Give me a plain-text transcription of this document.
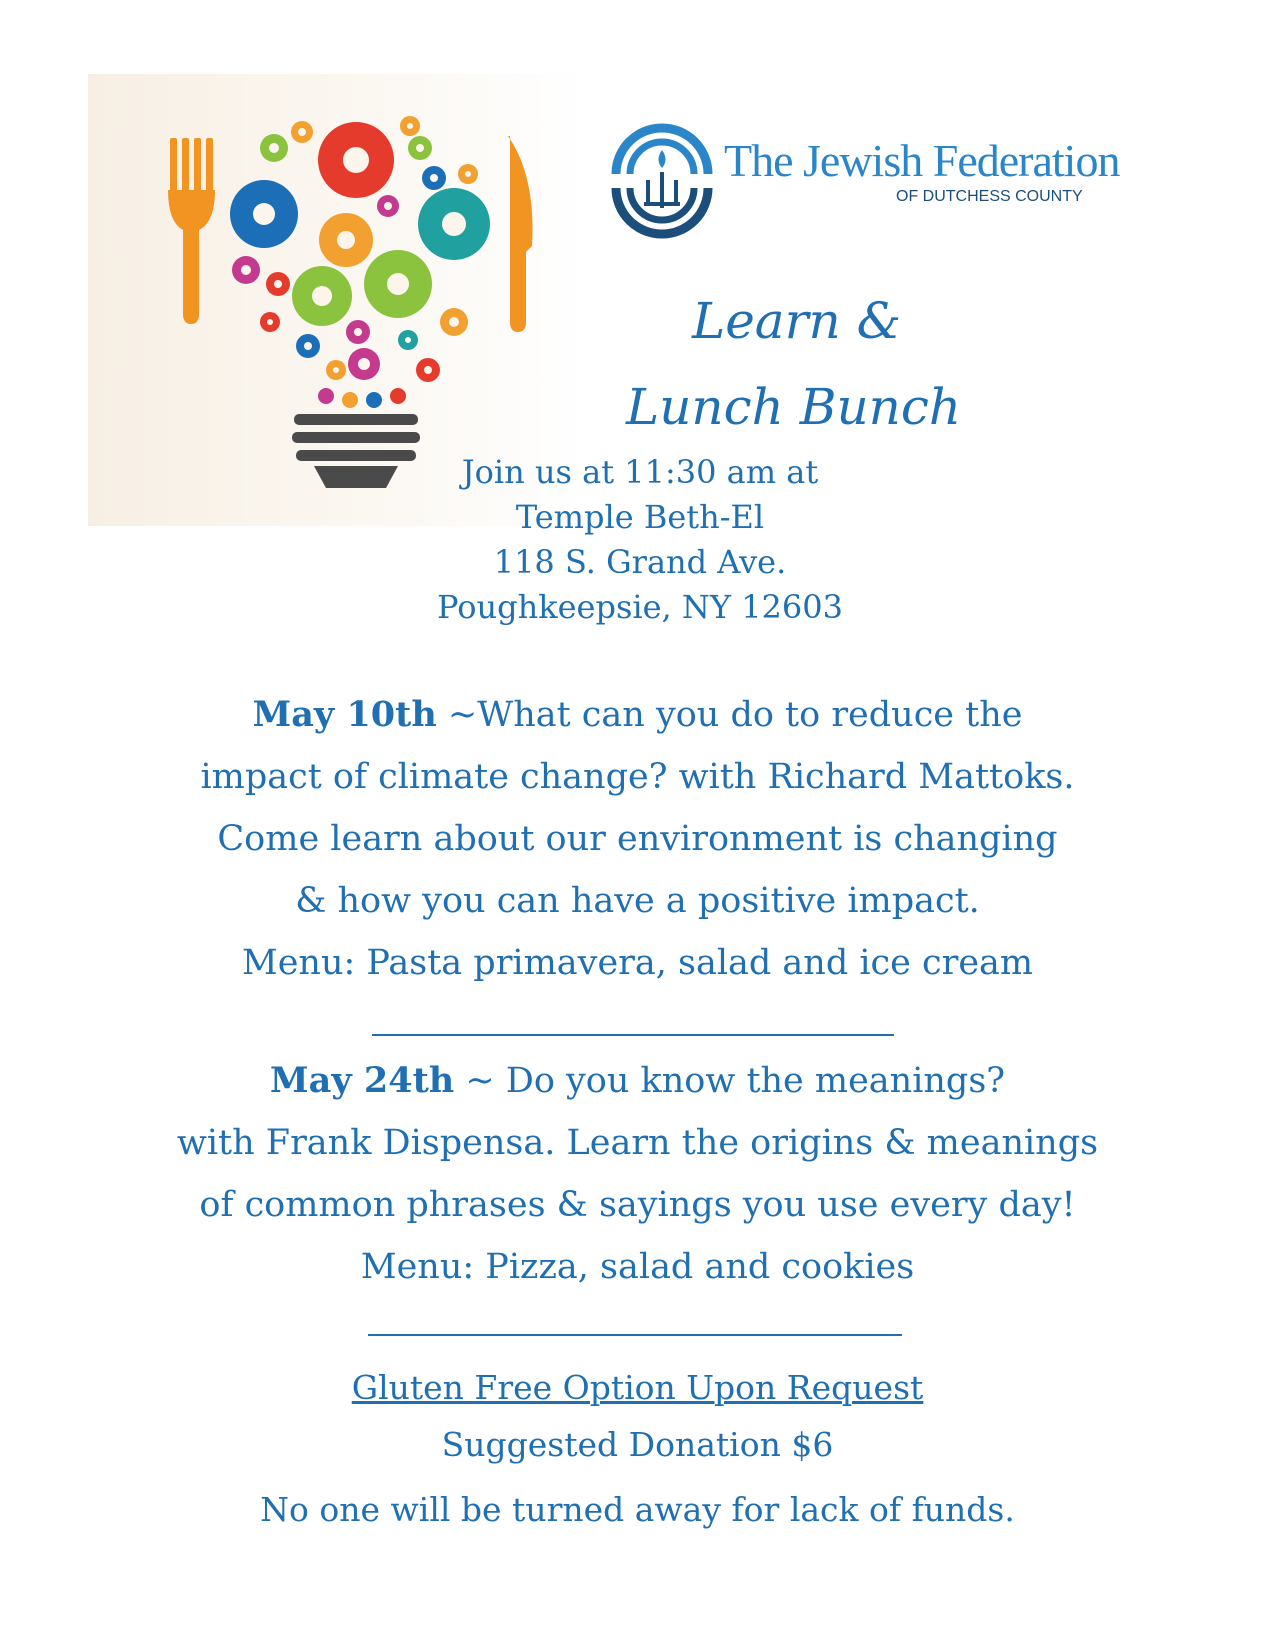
The Jewish Federation
OF DUTCHESS COUNTY
Learn &
Lunch Bunch
Join us at 11:30 am at
Temple Beth-El
118 S. Grand Ave.
Poughkeepsie, NY 12603
May 10th ~What can you do to reduce the
impact of climate change? with Richard Mattoks.
Come learn about our environment is changing
& how you can have a positive impact.
Menu: Pasta primavera, salad and ice cream
May 24th ~ Do you know the meanings?
with Frank Dispensa. Learn the origins & meanings
of common phrases & sayings you use every day!
Menu: Pizza, salad and cookies
Gluten Free Option Upon Request
Suggested Donation $6
No one will be turned away for lack of funds.
